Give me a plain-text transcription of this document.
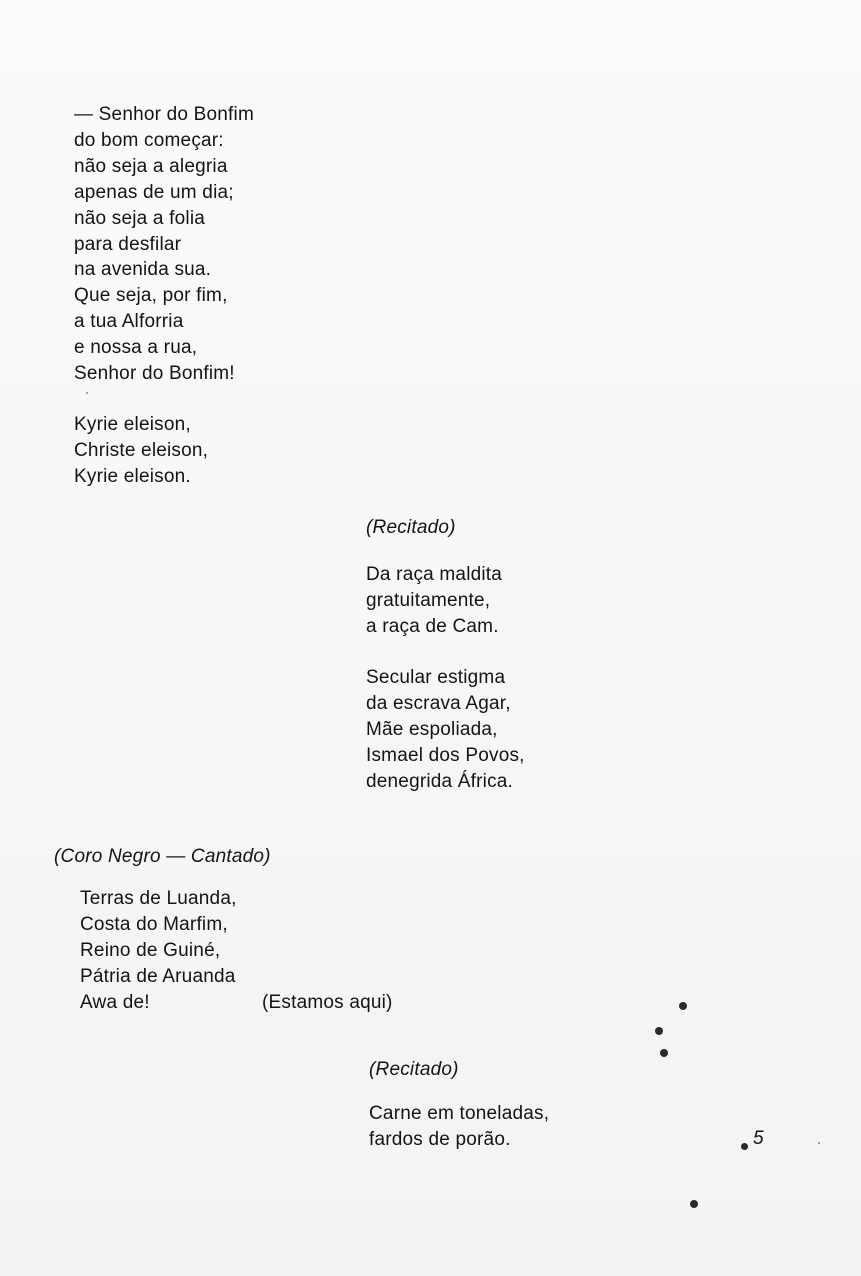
— Senhor do Bonfim
do bom começar:
não seja a alegria
apenas de um dia;
não seja a folia
para desfilar
na avenida sua.
Que seja, por fim,
a tua Alforria
e nossa a rua,
Senhor do Bonfim!
Kyrie eleison,
Christe eleison,
Kyrie eleison.
(Recitado)
Da raça maldita
gratuitamente,
a raça de Cam.
Secular estigma
da escrava Agar,
Mãe espoliada,
Ismael dos Povos,
denegrida África.
(Coro Negro — Cantado)
Terras de Luanda,
Costa do Marfim,
Reino de Guiné,
Pátria de Aruanda
Awa de!	(Estamos aqui)
(Recitado)
Carne em toneladas,
fardos de porão.	5
